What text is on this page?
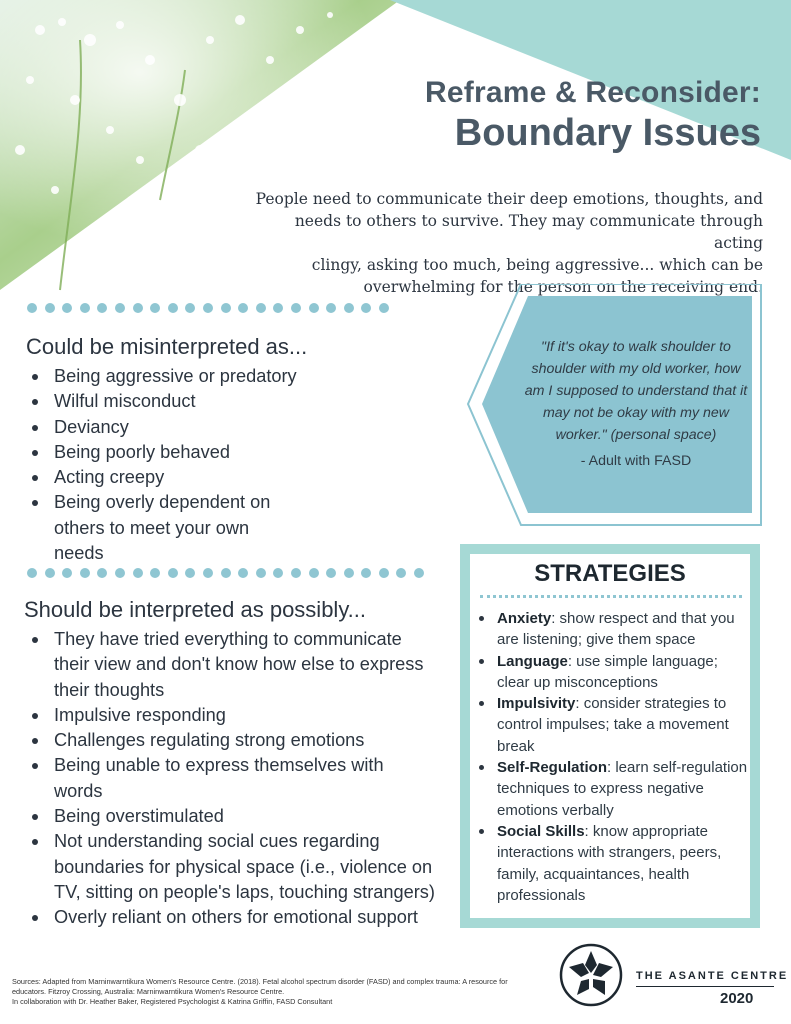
Reframe & Reconsider:
Boundary Issues
People need to communicate their deep emotions, thoughts, and
needs to others to survive. They may communicate through acting
clingy, asking too much, being aggressive... which can be
overwhelming for the person on the receiving end.
Could be misinterpreted as...
Being aggressive or predatory
Wilful misconduct
Deviancy
Being poorly behaved
Acting creepy
Being overly dependent on others to meet your own needs
"If it's okay to walk shoulder to shoulder with my old worker, how am I supposed to understand that it may not be okay with my new worker." (personal space)
- Adult with FASD
Should be interpreted as possibly...
They have tried everything to communicate their view and don't know how else to express their thoughts
Impulsive responding
Challenges regulating strong emotions
Being unable to express themselves with words
Being overstimulated
Not understanding social cues regarding boundaries for physical space (i.e., violence on TV, sitting on people's laps, touching strangers)
Overly reliant on others for emotional support
STRATEGIES
Anxiety: show respect and that you are listening; give them space
Language: use simple language; clear up misconceptions
Impulsivity: consider strategies to control impulses; take a movement break
Self-Regulation: learn self-regulation techniques to express negative emotions verbally
Social Skills: know appropriate interactions with strangers, peers, family, acquaintances, health professionals
Sources: Adapted from Marninwarntikura Women's Resource Centre. (2018). Fetal alcohol spectrum disorder (FASD) and complex trauma: A resource for
educators. Fitzroy Crossing, Australia: Marninwarntikura Women's Resource Centre.
In collaboration with Dr. Heather Baker, Registered Psychologist & Katrina Griffin, FASD Consultant
THE ASANTE CENTRE
2020
